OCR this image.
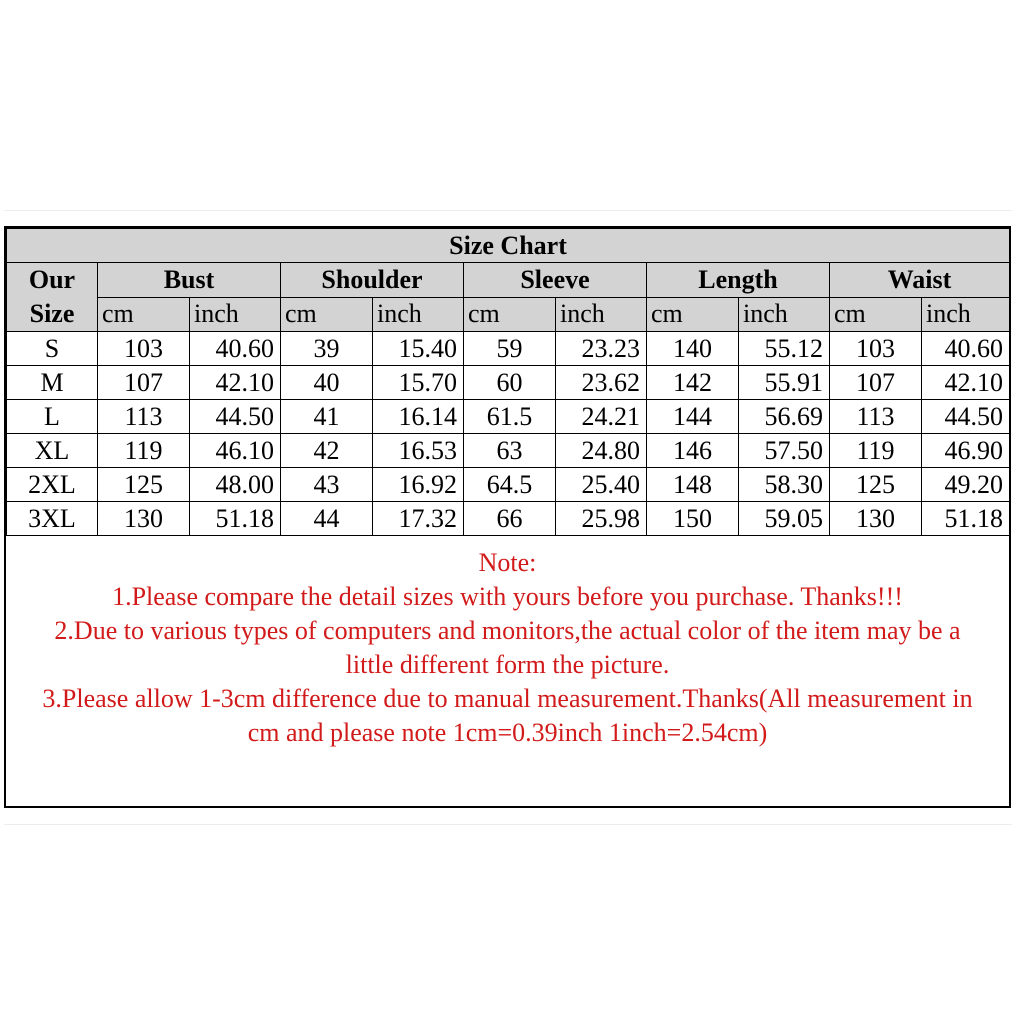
Size Chart										
Our
Size	Bust		Shoulder		Sleeve		Length		Waist	
	cm	inch	cm	inch	cm	inch	cm	inch	cm	inch
S	103	40.60	39	15.40	59	23.23	140	55.12	103	40.60
M	107	42.10	40	15.70	60	23.62	142	55.91	107	42.10
L	113	44.50	41	16.14	61.5	24.21	144	56.69	113	44.50
XL	119	46.10	42	16.53	63	24.80	146	57.50	119	46.90
2XL	125	48.00	43	16.92	64.5	25.40	148	58.30	125	49.20
3XL	130	51.18	44	17.32	66	25.98	150	59.05	130	51.18
Note:
1.Please compare the detail sizes with yours before you purchase. Thanks!!!
2.Due to various types of computers and monitors,the actual color of the item may be a
little different form the picture.
3.Please allow 1-3cm difference due to manual measurement.Thanks(All measurement in
cm and please note 1cm=0.39inch 1inch=2.54cm)
